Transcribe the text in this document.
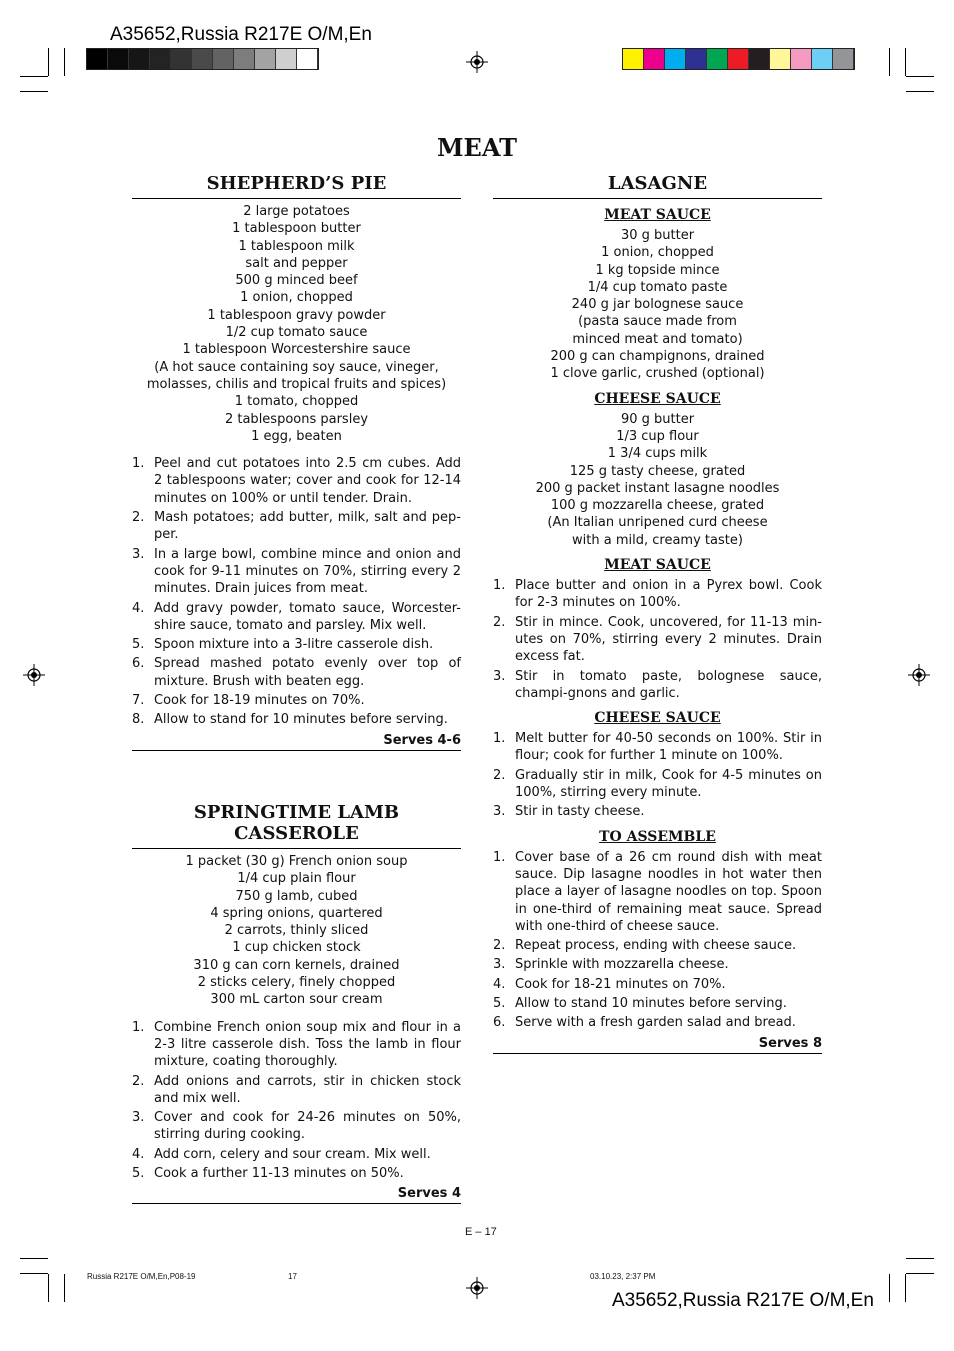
A35652,Russia R217E O/M,En
MEAT
SHEPHERD’S PIE
2 large potatoes
1 tablespoon butter
1 tablespoon milk
salt and pepper
500 g minced beef
1 onion, chopped
1 tablespoon gravy powder
1/2 cup tomato sauce
1 tablespoon Worcestershire sauce
(A hot sauce containing soy sauce, vineger,
molasses, chilis and tropical fruits and spices)
1 tomato, chopped
2 tablespoons parsley
1 egg, beaten
1. Peel and cut potatoes into 2.5 cm cubes. Add 2 tablespoons water; cover and cook for 12-14 minutes on 100% or until tender. Drain.
2. Mash potatoes; add butter, milk, salt and pep-per.
3. In a large bowl, combine mince and onion and cook for 9-11 minutes on 70%, stirring every 2 minutes. Drain juices from meat.
4. Add gravy powder, tomato sauce, Worcester-shire sauce, tomato and parsley. Mix well.
5. Spoon mixture into a 3-litre casserole dish.
6. Spread mashed potato evenly over top of mixture. Brush with beaten egg.
7. Cook for 18-19 minutes on 70%.
8. Allow to stand for 10 minutes before serving.
Serves 4-6
SPRINGTIME LAMB CASSEROLE
1 packet (30 g) French onion soup
1/4 cup plain flour
750 g lamb, cubed
4 spring onions, quartered
2 carrots, thinly sliced
1 cup chicken stock
310 g can corn kernels, drained
2 sticks celery, finely chopped
300 mL carton sour cream
1. Combine French onion soup mix and flour in a 2-3 litre casserole dish. Toss the lamb in flour mixture, coating thoroughly.
2. Add onions and carrots, stir in chicken stock and mix well.
3. Cover and cook for 24-26 minutes on 50%, stirring during cooking.
4. Add corn, celery and sour cream. Mix well.
5. Cook a further 11-13 minutes on 50%.
Serves 4
LASAGNE
MEAT SAUCE
30 g butter
1 onion, chopped
1 kg topside mince
1/4 cup tomato paste
240 g jar bolognese sauce
(pasta sauce made from
minced meat and tomato)
200 g can champignons, drained
1 clove garlic, crushed (optional)
CHEESE SAUCE
90 g butter
1/3 cup flour
1 3/4 cups milk
125 g tasty cheese, grated
200 g packet instant lasagne noodles
100 g mozzarella cheese, grated
(An Italian unripened curd cheese
with a mild, creamy taste)
MEAT SAUCE
1. Place butter and onion in a Pyrex bowl. Cook for 2-3 minutes on 100%.
2. Stir in mince. Cook, uncovered, for 11-13 min-utes on 70%, stirring every 2 minutes. Drain excess fat.
3. Stir in tomato paste, bolognese sauce, champi-gnons and garlic.
CHEESE SAUCE
1. Melt butter for 40-50 seconds on 100%. Stir in flour; cook for further 1 minute on 100%.
2. Gradually stir in milk, Cook for 4-5 minutes on 100%, stirring every minute.
3. Stir in tasty cheese.
TO ASSEMBLE
1. Cover base of a 26 cm round dish with meat sauce. Dip lasagne noodles in hot water then place a layer of lasagne noodles on top. Spoon in one-third of remaining meat sauce. Spread with one-third of cheese sauce.
2. Repeat process, ending with cheese sauce.
3. Sprinkle with mozzarella cheese.
4. Cook for 18-21 minutes on 70%.
5. Allow to stand 10 minutes before serving.
6. Serve with a fresh garden salad and bread.
Serves 8
E – 17
Russia R217E O/M,En,P08-19	17	03.10.23, 2:37 PM
A35652,Russia R217E O/M,En
